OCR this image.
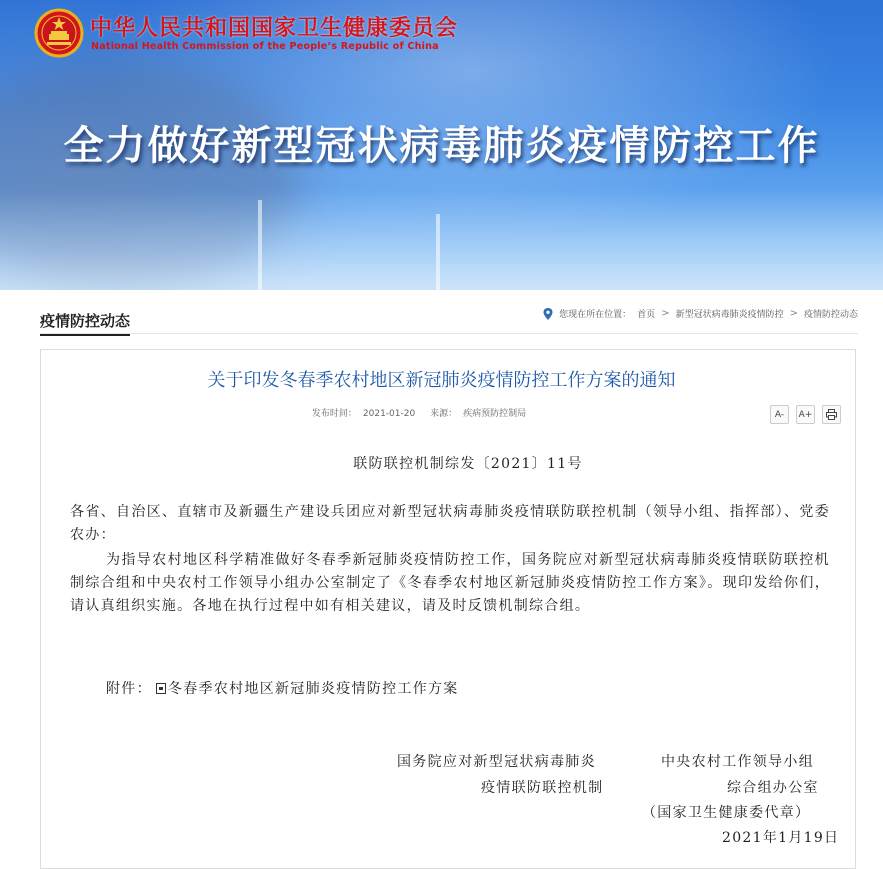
中华人民共和国国家卫生健康委员会
National Health Commission of the People’s Republic of China
全力做好新型冠状病毒肺炎疫情防控工作
疫情防控动态	您现在所在位置： 首页 > 新型冠状病毒肺炎疫情防控 > 疫情防控动态
关于印发冬春季农村地区新冠肺炎疫情防控工作方案的通知
发布时间： 2021-01-20 来源： 疾病预防控制局	A-	A+
联防联控机制综发〔2021〕11号

各省、自治区、直辖市及新疆生产建设兵团应对新型冠状病毒肺炎疫情联防联控机制（领导小组、指挥部）、党委农办：

为指导农村地区科学精准做好冬春季新冠肺炎疫情防控工作，国务院应对新型冠状病毒肺炎疫情联防联控机制综合组和中央农村工作领导小组办公室制定了《冬春季农村地区新冠肺炎疫情防控工作方案》。现印发给你们，请认真组织实施。各地在执行过程中如有相关建议，请及时反馈机制综合组。

附件： 冬春季农村地区新冠肺炎疫情防控工作方案
国务院应对新型冠状病毒肺炎
疫情联防联控机制
中央农村工作领导小组
综合组办公室
（国家卫生健康委代章）
2021年1月19日
